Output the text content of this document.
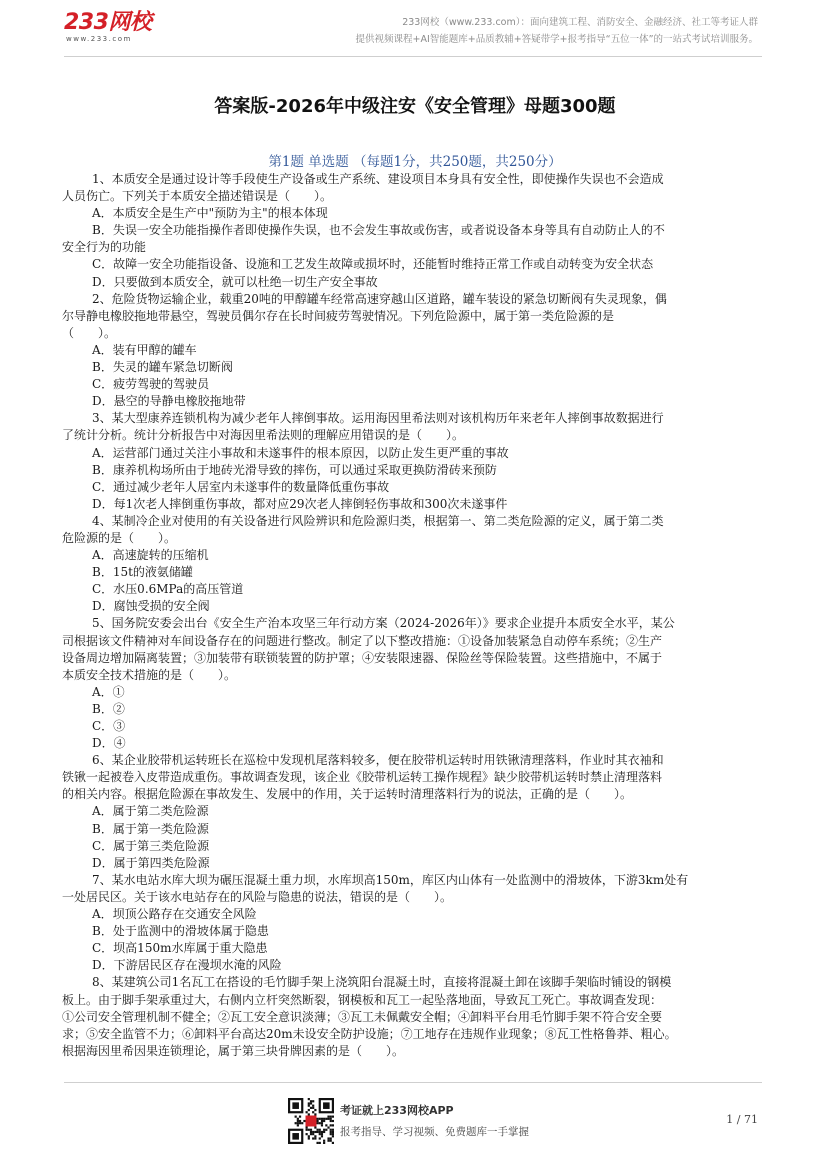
233网校
www.233.com
233网校（www.233.com）：面向建筑工程、消防安全、金融经济、社工等考证人群
提供视频课程+AI智能题库+品质教辅+答疑带学+报考指导“五位一体”的一站式考试培训服务。
答案版-2026年中级注安《安全管理》母题300题
第1题 单选题 （每题1分，共250题，共250分）

1、本质安全是通过设计等手段使生产设备或生产系统、建设项目本身具有安全性，即使操作失误也不会造成

人员伤亡。下列关于本质安全描述错误是（　　）。

A．本质安全是生产中"预防为主"的根本体现

B．失误一安全功能指操作者即使操作失误，也不会发生事故或伤害，或者说设备本身等具有自动防止人的不

安全行为的功能

C．故障一安全功能指设备、设施和工艺发生故障或损坏时，还能暂时维持正常工作或自动转变为安全状态

D．只要做到本质安全，就可以杜绝一切生产安全事故

2、危险货物运输企业，载重20吨的甲醇罐车经常高速穿越山区道路，罐车装设的紧急切断阀有失灵现象，偶

尔导静电橡胶拖地带悬空，驾驶员偶尔存在长时间疲劳驾驶情况。下列危险源中，属于第一类危险源的是

（　　）。

A．装有甲醇的罐车

B．失灵的罐车紧急切断阀

C．疲劳驾驶的驾驶员

D．悬空的导静电橡胶拖地带

3、某大型康养连锁机构为减少老年人摔倒事故。运用海因里希法则对该机构历年来老年人摔倒事故数据进行

了统计分析。统计分析报告中对海因里希法则的理解应用错误的是（　　）。

A．运营部门通过关注小事故和未遂事件的根本原因，以防止发生更严重的事故

B．康养机构场所由于地砖光滑导致的摔伤，可以通过采取更换防滑砖来预防

C．通过减少老年人居室内未遂事件的数量降低重伤事故

D．每1次老人摔倒重伤事故，都对应29次老人摔倒轻伤事故和300次未遂事件

4、某制冷企业对使用的有关设备进行风险辨识和危险源归类，根据第一、第二类危险源的定义，属于第二类

危险源的是（　　）。

A．高速旋转的压缩机

B．15t的液氨储罐

C．水压0.6MPa的高压管道

D．腐蚀受损的安全阀

5、国务院安委会出台《安全生产治本攻坚三年行动方案（2024-2026年）》要求企业提升本质安全水平，某公

司根据该文件精神对车间设备存在的问题进行整改。制定了以下整改措施：①设备加装紧急自动停车系统；②生产

设备周边增加隔离装置；③加装带有联锁装置的防护罩；④安装限速器、保险丝等保险装置。这些措施中，不属于

本质安全技术措施的是（　　）。

A．①

B．②

C．③

D．④

6、某企业胶带机运转班长在巡检中发现机尾落料较多，便在胶带机运转时用铁锹清理落料，作业时其衣袖和

铁锹一起被卷入皮带造成重伤。事故调查发现，该企业《胶带机运转工操作规程》缺少胶带机运转时禁止清理落料

的相关内容。根据危险源在事故发生、发展中的作用，关于运转时清理落料行为的说法，正确的是（　　）。

A．属于第二类危险源

B．属于第一类危险源

C．属于第三类危险源

D．属于第四类危险源

7、某水电站水库大坝为碾压混凝土重力坝，水库坝高150m，库区内山体有一处监测中的滑坡体，下游3km处有

一处居民区。关于该水电站存在的风险与隐患的说法，错误的是（　　）。

A．坝顶公路存在交通安全风险

B．处于监测中的滑坡体属于隐患

C．坝高150m水库属于重大隐患

D．下游居民区存在漫坝水淹的风险

8、某建筑公司1名瓦工在搭设的毛竹脚手架上浇筑阳台混凝土时，直接将混凝土卸在该脚手架临时铺设的钢模

板上。由于脚手架承重过大，右侧内立杆突然断裂，钢模板和瓦工一起坠落地面，导致瓦工死亡。事故调查发现：

①公司安全管理机制不健全；②瓦工安全意识淡薄；③瓦工未佩戴安全帽；④卸料平台用毛竹脚手架不符合安全要

求；⑤安全监管不力；⑥卸料平台高达20m未设安全防护设施；⑦工地存在违规作业现象；⑧瓦工性格鲁莽、粗心。

根据海因里希因果连锁理论，属于第三块骨牌因素的是（　　）。

考证就上233网校APP
报考指导、学习视频、免费题库一手掌握
1 / 71
